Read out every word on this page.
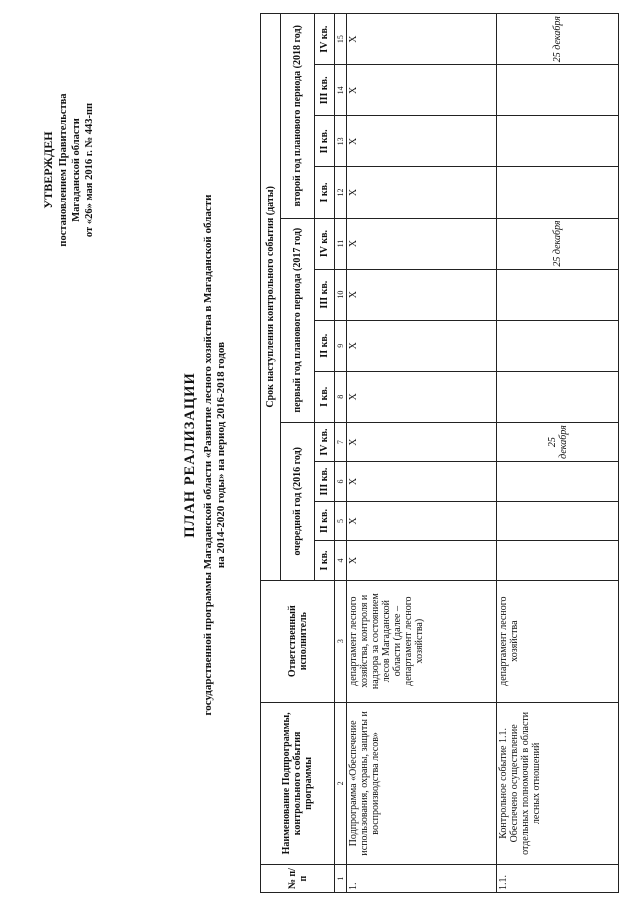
УТВЕРЖДЕН постановлением Правительства Магаданской области от «26» мая 2016 г. № 443-пп
ПЛАН РЕАЛИЗАЦИИ государственной программы Магаданской области «Развитие лесного хозяйства в Магаданской области на 2014-2020 годы» на период 2016-2018 годов
№ п/п	Наименование Подпрограммы, контрольного события программы	Ответственный исполнитель	Срок наступления контрольного события (даты)											
			очередной год (2016 год)				первый год планового периода (2017 год)				второй год планового периода (2018 год)			
			I кв.	II кв.	III кв.	IV кв.	I кв.	II кв.	III кв.	IV кв.	I кв.	II кв.	III кв.	IV кв.
1	2	3	4	5	6	7	8	9	10	11	12	13	14	15
1.	Подпрограмма «Обеспечение использования, охраны, защиты и воспроизводства лесов»	департамент лесного хозяйства, контроля и надзора за состоянием лесов Магаданской области (далее – департамент лесного хозяйства)	X	X	X	X	X	X	X	X	X	X	X	X
1.1.	Контрольное событие 1.1. Обеспечено осуществление отдельных полномочий в области лесных отношений	департамент лесного хозяйства				25 декабря				25 декабря				25 декабря
